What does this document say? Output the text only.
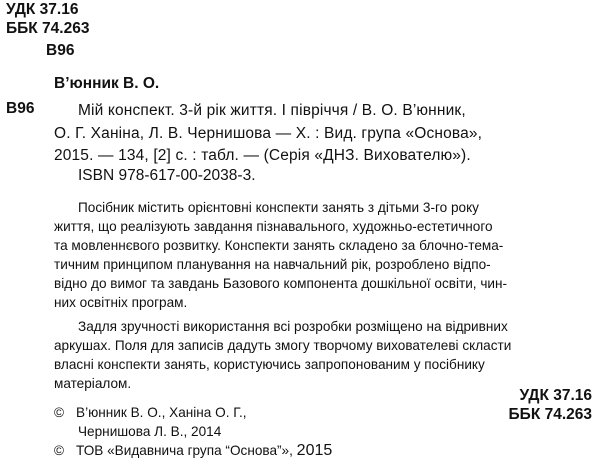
УДК 37.16
ББК 74.263
В96
В’юнник В. О.
В96	Мій конспект. 3-й рік життя. І півріччя / В. О. В’юнник,
О. Г. Ханіна, Л. В. Чернишова — Х. : Вид. група «Основа»,
2015. — 134, [2] с. : табл. — (Серія «ДНЗ. Вихователю»).
ISBN 978-617-00-2038-3.
Посібник містить орієнтовні конспекти занять з дітьми 3-го року
життя, що реалізують завдання пізнавального, художньо-естетичного
та мовленнєвого розвитку. Конспекти занять складено за блочно-тема-
тичним принципом планування на навчальний рік, розроблено відпо-
відно до вимог та завдань Базового компонента дошкільної освіти, чин-
них освітніх програм.
Задля зручності використання всі розробки розміщено на відривних
аркушах. Поля для записів дадуть змогу творчому вихователеві скласти
власні конспекти занять, користуючись запропонованим у посібнику
матеріалом.
УДК 37.16
ББК 74.263
© В’юнник В. О., Ханіна О. Г.,
Чернишова Л. В., 2014
© ТОВ «Видавнича група “Основа”», 2015
